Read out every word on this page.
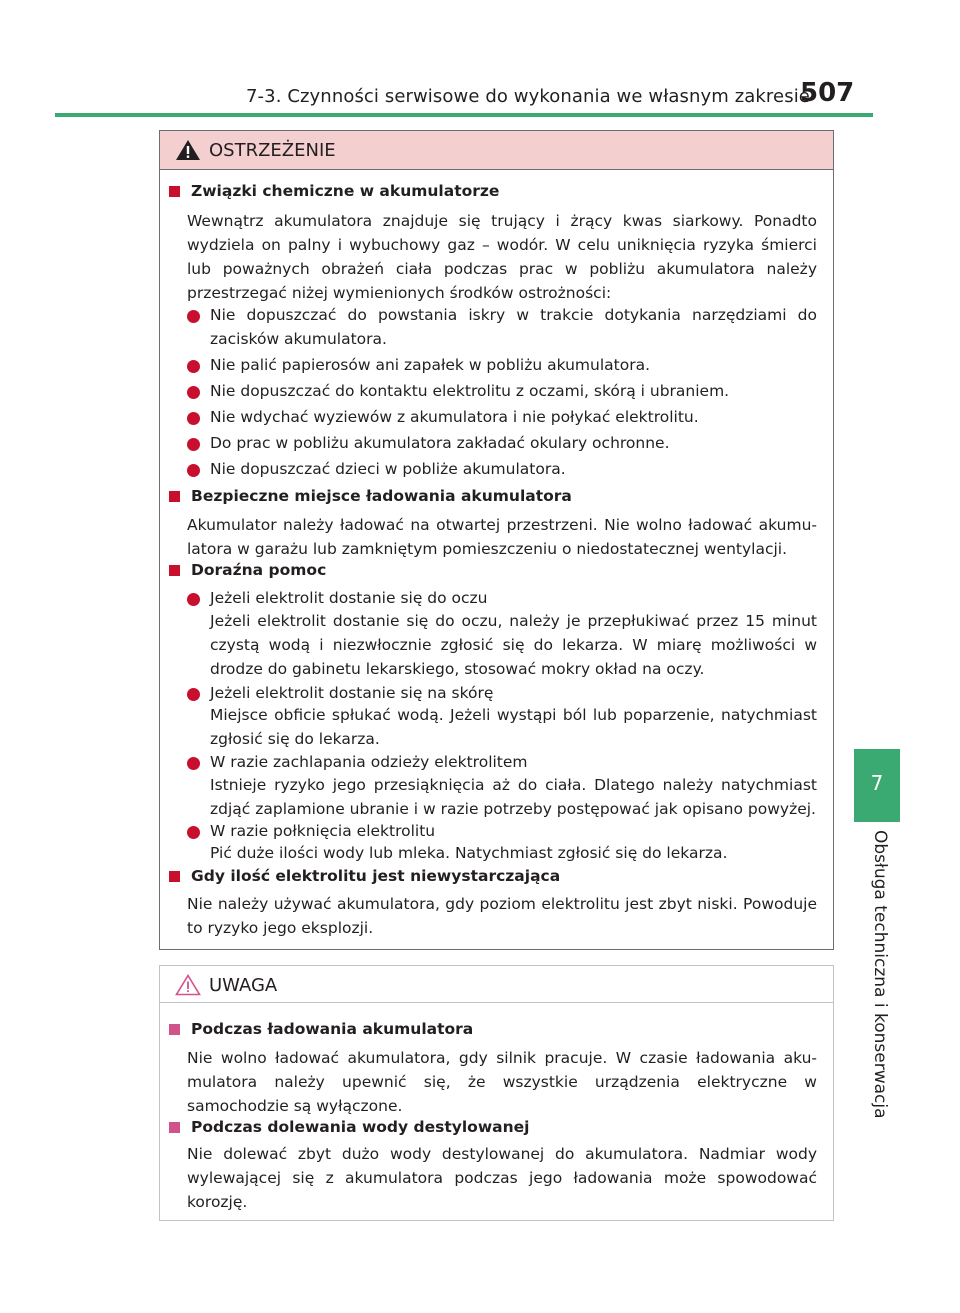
7-3. Czynności serwisowe do wykonania we własnym zakresie
507
7
Obsługa techniczna i konserwacja
OSTRZEŻENIE
Związki chemiczne w akumulatorze
Wewnątrz akumulatora znajduje się trujący i żrący kwas siarkowy. Ponadto wydziela on palny i wybuchowy gaz – wodór. W celu uniknięcia ryzyka śmierci lub poważnych obrażeń ciała podczas prac w pobliżu akumulatora należy przestrzegać niżej wymienionych środków ostrożności:
Nie dopuszczać do powstania iskry w trakcie dotykania narzędziami do zacisków akumulatora.
Nie palić papierosów ani zapałek w pobliżu akumulatora.
Nie dopuszczać do kontaktu elektrolitu z oczami, skórą i ubraniem.
Nie wdychać wyziewów z akumulatora i nie połykać elektrolitu.
Do prac w pobliżu akumulatora zakładać okulary ochronne.
Nie dopuszczać dzieci w pobliże akumulatora.
Bezpieczne miejsce ładowania akumulatora
Akumulator należy ładować na otwartej przestrzeni. Nie wolno ładować akumu-latora w garażu lub zamkniętym pomieszczeniu o niedostatecznej wentylacji.
Doraźna pomoc
Jeżeli elektrolit dostanie się do oczu
Jeżeli elektrolit dostanie się do oczu, należy je przepłukiwać przez 15 minut czystą wodą i niezwłocznie zgłosić się do lekarza. W miarę możliwości w drodze do gabinetu lekarskiego, stosować mokry okład na oczy.
Jeżeli elektrolit dostanie się na skórę
Miejsce obficie spłukać wodą. Jeżeli wystąpi ból lub poparzenie, natychmiast zgłosić się do lekarza.
W razie zachlapania odzieży elektrolitem
Istnieje ryzyko jego przesiąknięcia aż do ciała. Dlatego należy natychmiast zdjąć zaplamione ubranie i w razie potrzeby postępować jak opisano powyżej.
W razie połknięcia elektrolitu
Pić duże ilości wody lub mleka. Natychmiast zgłosić się do lekarza.
Gdy ilość elektrolitu jest niewystarczająca
Nie należy używać akumulatora, gdy poziom elektrolitu jest zbyt niski. Powoduje to ryzyko jego eksplozji.
UWAGA
Podczas ładowania akumulatora
Nie wolno ładować akumulatora, gdy silnik pracuje. W czasie ładowania aku-mulatora należy upewnić się, że wszystkie urządzenia elektryczne w samochodzie są wyłączone.
Podczas dolewania wody destylowanej
Nie dolewać zbyt dużo wody destylowanej do akumulatora. Nadmiar wody wylewającej się z akumulatora podczas jego ładowania może spowodować korozję.
